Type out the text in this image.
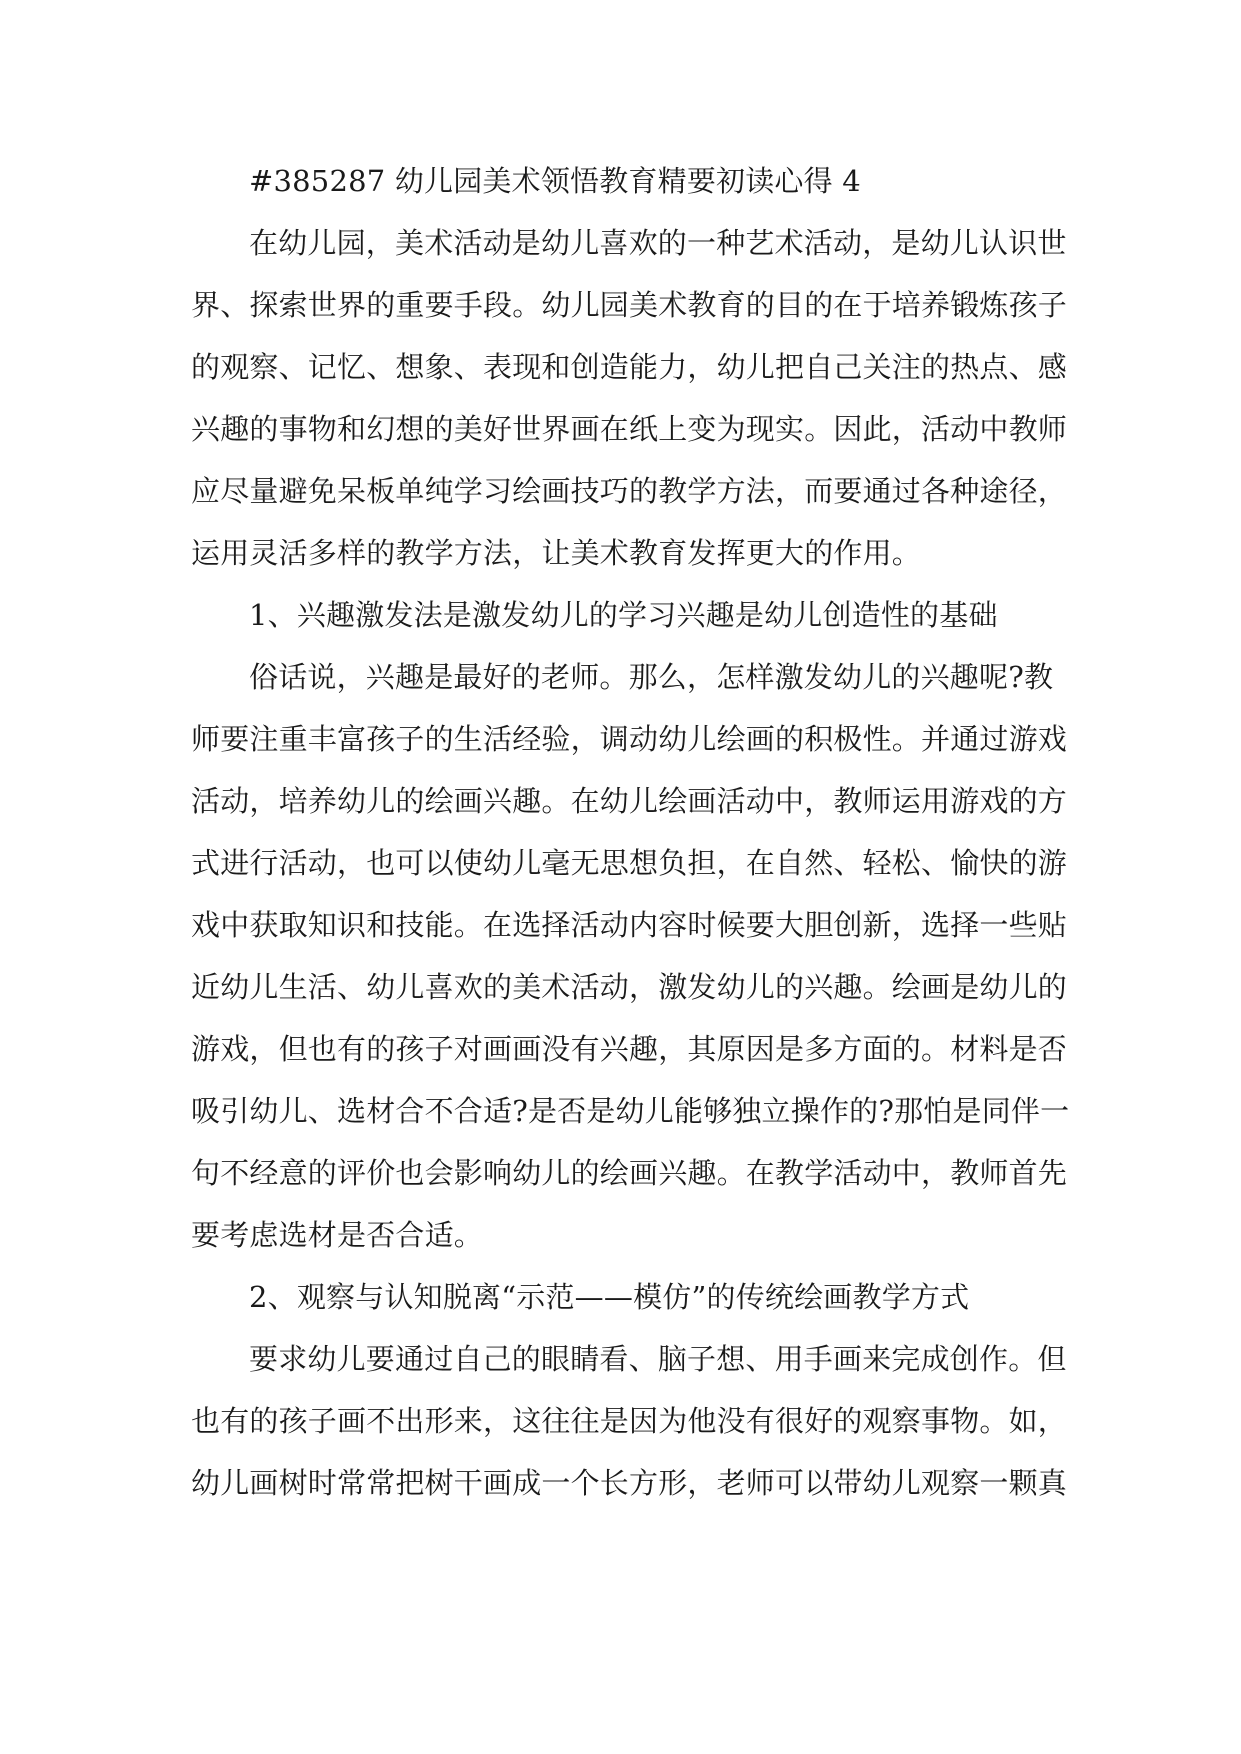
#385287 幼儿园美术领悟教育精要初读心得 4
在幼儿园，美术活动是幼儿喜欢的一种艺术活动，是幼儿认识世
界、探索世界的重要手段。幼儿园美术教育的目的在于培养锻炼孩子
的观察、记忆、想象、表现和创造能力，幼儿把自己关注的热点、感
兴趣的事物和幻想的美好世界画在纸上变为现实。因此，活动中教师
应尽量避免呆板单纯学习绘画技巧的教学方法，而要通过各种途径，
运用灵活多样的教学方法，让美术教育发挥更大的作用。
1、兴趣激发法是激发幼儿的学习兴趣是幼儿创造性的基础
俗话说，兴趣是最好的老师。那么，怎样激发幼儿的兴趣呢?教
师要注重丰富孩子的生活经验，调动幼儿绘画的积极性。并通过游戏
活动，培养幼儿的绘画兴趣。在幼儿绘画活动中，教师运用游戏的方
式进行活动，也可以使幼儿毫无思想负担，在自然、轻松、愉快的游
戏中获取知识和技能。在选择活动内容时候要大胆创新，选择一些贴
近幼儿生活、幼儿喜欢的美术活动，激发幼儿的兴趣。绘画是幼儿的
游戏，但也有的孩子对画画没有兴趣，其原因是多方面的。材料是否
吸引幼儿、选材合不合适?是否是幼儿能够独立操作的?那怕是同伴一
句不经意的评价也会影响幼儿的绘画兴趣。在教学活动中，教师首先
要考虑选材是否合适。
2、观察与认知脱离“示范——模仿”的传统绘画教学方式
要求幼儿要通过自己的眼睛看、脑子想、用手画来完成创作。但
也有的孩子画不出形来，这往往是因为他没有很好的观察事物。如，
幼儿画树时常常把树干画成一个长方形，老师可以带幼儿观察一颗真
